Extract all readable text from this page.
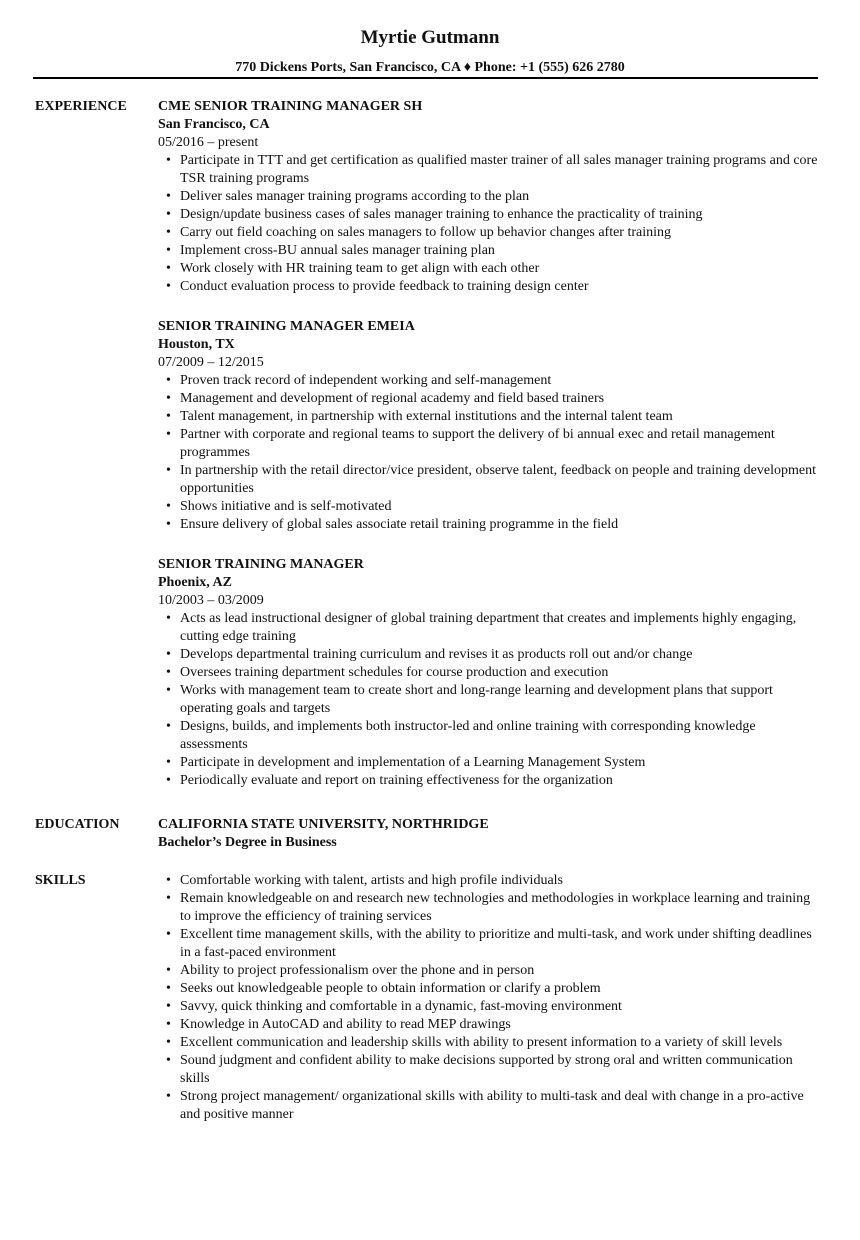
Myrtie Gutmann
770 Dickens Ports, San Francisco, CA ♦ Phone: +1 (555) 626 2780
EXPERIENCE CME SENIOR TRAINING MANAGER SH
San Francisco, CA
05/2016 – present
• Participate in TTT and get certification as qualified master trainer of all sales manager training programs and core TSR training programs
• Deliver sales manager training programs according to the plan
• Design/update business cases of sales manager training to enhance the practicality of training
• Carry out field coaching on sales managers to follow up behavior changes after training
• Implement cross-BU annual sales manager training plan
• Work closely with HR training team to get align with each other
• Conduct evaluation process to provide feedback to training design center
SENIOR TRAINING MANAGER EMEIA
Houston, TX
07/2009 – 12/2015
• Proven track record of independent working and self-management
• Management and development of regional academy and field based trainers
• Talent management, in partnership with external institutions and the internal talent team
• Partner with corporate and regional teams to support the delivery of bi annual exec and retail management programmes
• In partnership with the retail director/vice president, observe talent, feedback on people and training development opportunities
• Shows initiative and is self-motivated
• Ensure delivery of global sales associate retail training programme in the field
SENIOR TRAINING MANAGER
Phoenix, AZ
10/2003 – 03/2009
• Acts as lead instructional designer of global training department that creates and implements highly engaging, cutting edge training
• Develops departmental training curriculum and revises it as products roll out and/or change
• Oversees training department schedules for course production and execution
• Works with management team to create short and long-range learning and development plans that support operating goals and targets
• Designs, builds, and implements both instructor-led and online training with corresponding knowledge assessments
• Participate in development and implementation of a Learning Management System
• Periodically evaluate and report on training effectiveness for the organization
EDUCATION	CALIFORNIA STATE UNIVERSITY, NORTHRIDGE
Bachelor’s Degree in Business
SKILLS	• Comfortable working with talent, artists and high profile individuals
• Remain knowledgeable on and research new technologies and methodologies in workplace learning and training to improve the efficiency of training services
• Excellent time management skills, with the ability to prioritize and multi-task, and work under shifting deadlines in a fast-paced environment
• Ability to project professionalism over the phone and in person
• Seeks out knowledgeable people to obtain information or clarify a problem
• Savvy, quick thinking and comfortable in a dynamic, fast-moving environment
• Knowledge in AutoCAD and ability to read MEP drawings
• Excellent communication and leadership skills with ability to present information to a variety of skill levels
• Sound judgment and confident ability to make decisions supported by strong oral and written communication skills
• Strong project management/ organizational skills with ability to multi-task and deal with change in a pro-active and positive manner
